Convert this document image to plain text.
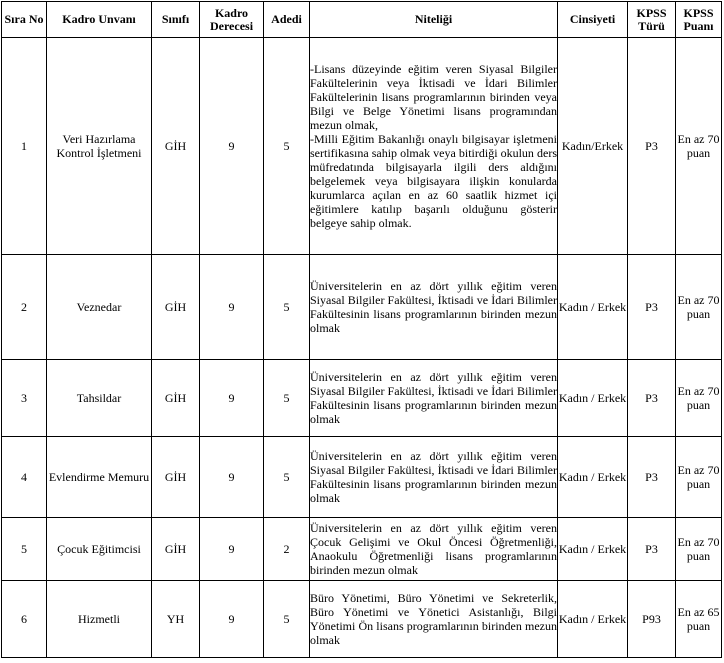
Sıra No	Kadro Unvanı	Sınıfı	Kadro Derecesi	Adedi	Niteliği	Cinsiyeti	KPSS Türü	KPSS Puanı
1	Veri Hazırlama Kontrol İşletmeni	GİH	9	5	-Lisans düzeyinde eğitim veren Siyasal Bilgiler Fakültelerinin veya İktisadi ve İdari Bilimler Fakültelerinin lisans programlarının birinden veya Bilgi ve Belge Yönetimi lisans programından mezun olmak,
-Milli Eğitim Bakanlığı onaylı bilgisayar işletmeni sertifikasına sahip olmak veya bitirdiği okulun ders müfredatında bilgisayarla ilgili ders aldığını belgelemek veya bilgisayara ilişkin konularda kurumlarca açılan en az 60 saatlik hizmet içi eğitimlere katılıp başarılı olduğunu gösterir belgeye sahip olmak.	Kadın/Erkek	P3	En az 70 puan
2	Veznedar	GİH	9	5	Üniversitelerin en az dört yıllık eğitim veren Siyasal Bilgiler Fakültesi, İktisadi ve İdari Bilimler Fakültesinin lisans programlarının birinden mezun olmak	Kadın / Erkek	P3	En az 70 puan
3	Tahsildar	GİH	9	5	Üniversitelerin en az dört yıllık eğitim veren Siyasal Bilgiler Fakültesi, İktisadi ve İdari Bilimler Fakültesinin lisans programlarının birinden mezun olmak	Kadın / Erkek	P3	En az 70 puan
4	Evlendirme Memuru	GİH	9	5	Üniversitelerin en az dört yıllık eğitim veren Siyasal Bilgiler Fakültesi, İktisadi ve İdari Bilimler Fakültesinin lisans programlarının birinden mezun olmak	Kadın / Erkek	P3	En az 70 puan
5	Çocuk Eğitimcisi	GİH	9	2	Üniversitelerin en az dört yıllık eğitim veren Çocuk Gelişimi ve Okul Öncesi Öğretmenliği, Anaokulu Öğretmenliği lisans programlarının birinden mezun olmak	Kadın / Erkek	P3	En az 70 puan
6	Hizmetli	YH	9	5	Büro Yönetimi, Büro Yönetimi ve Sekreterlik, Büro Yönetimi ve Yönetici Asistanlığı, Bilgi Yönetimi Ön lisans programlarının birinden mezun olmak	Kadın / Erkek	P93	En az 65 puan
